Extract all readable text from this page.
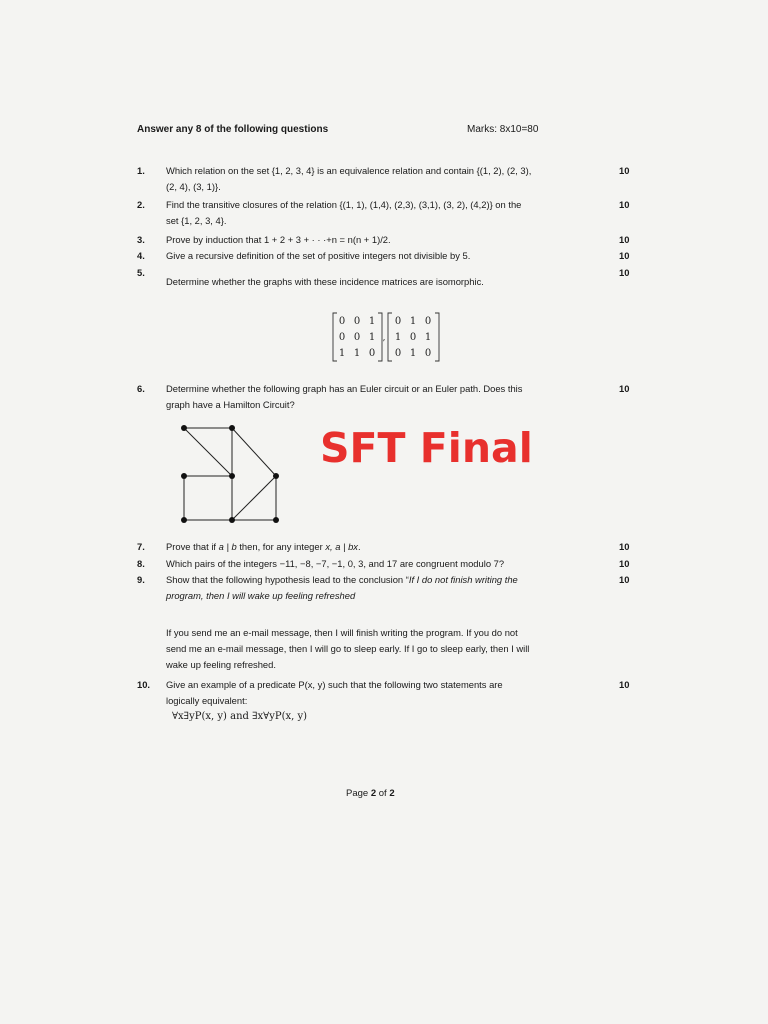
Answer any 8 of the following questions	Marks: 8x10=80
1. Which relation on the set {1, 2, 3, 4} is an equivalence relation and contain {(1, 2), (2, 3),
(2, 4), (3, 1)}.
10
2. Find the transitive closures of the relation {(1, 1), (1,4), (2,3), (3,1), (3, 2), (4,2)} on the
set {1, 2, 3, 4}.
10
3. Prove by induction that 1 + 2 + 3 + · · ·+n = n(n + 1)/2.	10
4. Give a recursive definition of the set of positive integers not divisible by 5.	10
5.
Determine whether the graphs with these incidence matrices are isomorphic.
10
,
0 0 1
0 0 1
1 1 0
0 1 0
1 0 1
0 1 0
6. Determine whether the following graph has an Euler circuit or an Euler path. Does this
graph have a Hamilton Circuit?
10
SFT Final
7. Prove that if a | b then, for any integer x, a | bx.	10
8. Which pairs of the integers −11, −8, −7, −1, 0, 3, and 17 are congruent modulo 7?	10
9. Show that the following hypothesis lead to the conclusion “If I do not finish writing the
program, then I will wake up feeling refreshed
10
If you send me an e-mail message, then I will finish writing the program. If you do not
send me an e-mail message, then I will go to sleep early. If I go to sleep early, then I will
wake up feeling refreshed.
10. Give an example of a predicate P(x, y) such that the following two statements are
logically equivalent:
10
∀x∃yP(x, y) and ∃x∀yP(x, y)
Page 2 of 2
